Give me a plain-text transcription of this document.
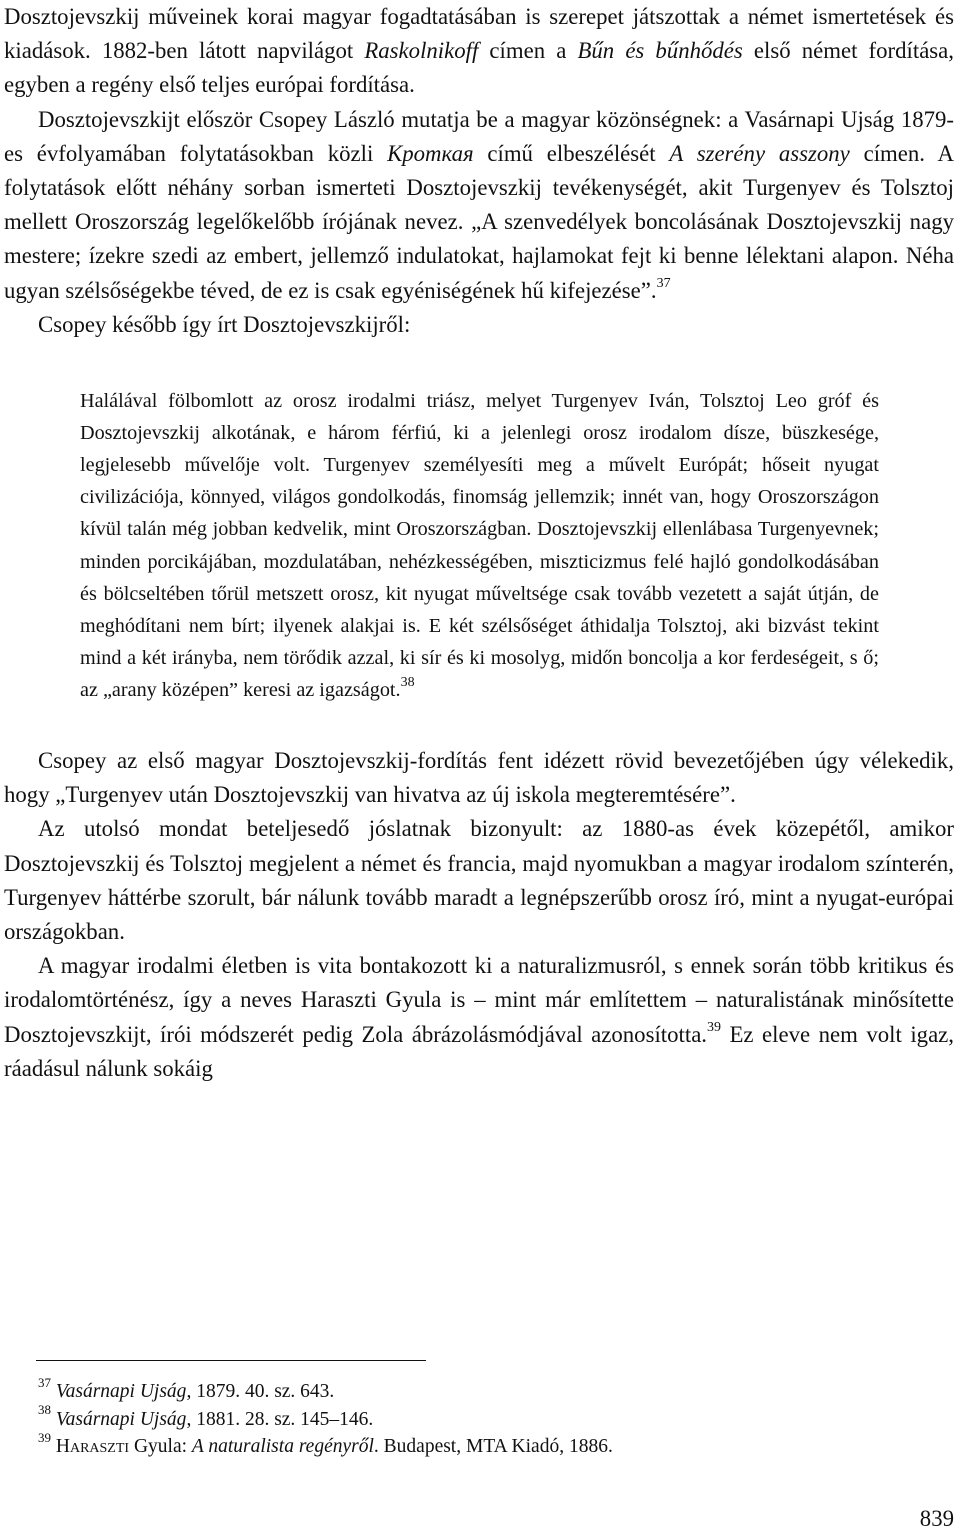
Dosztojevszkij műveinek korai magyar fogadtatásában is szerepet játszottak a német ismertetések és kiadások. 1882-ben látott napvilágot Raskolnikoff címen a Bűn és bűnhődés első német fordítása, egyben a regény első teljes európai fordítása.

Dosztojevszkijt először Csopey László mutatja be a magyar közönségnek: a Vasárnapi Ujság 1879-es évfolyamában folytatásokban közli Кроткая című elbeszélését A szerény asszony címen. A folytatások előtt néhány sorban ismerteti Dosztojevszkij tevékenységét, akit Turgenyev és Tolsztoj mellett Oroszország legelőkelőbb írójának nevez. „A szenvedélyek boncolásának Dosztojevszkij nagy mestere; ízekre szedi az embert, jellemző indulatokat, hajlamokat fejt ki benne lélektani alapon. Néha ugyan szélsőségekbe téved, de ez is csak egyéniségének hű kifejezése”.$^{37}$

Csopey később így írt Dosztojevszkijről:

Halálával fölbomlott az orosz irodalmi triász, melyet Turgenyev Iván, Tolsztoj Leo gróf és Dosztojevszkij alkotának, e három férfiú, ki a jelenlegi orosz irodalom dísze, büszkesége, legjelesebb művelője volt. Turgenyev személyesíti meg a művelt Európát; hőseit nyugat civilizációja, könnyed, világos gondolkodás, finomság jellemzik; innét van, hogy Oroszországon kívül talán még jobban kedvelik, mint Oroszországban. Dosztojevszkij ellenlábasa Turgenyevnek; minden porcikájában, mozdulatában, nehézkességében, miszticizmus felé hajló gondolkodásában és bölcseltében tőrül metszett orosz, kit nyugat műveltsége csak tovább vezetett a saját útján, de meghódítani nem bírt; ilyenek alakjai is. E két szélsőséget áthidalja Tolsztoj, aki bizvást tekint mind a két irányba, nem törődik azzal, ki sír és ki mosolyg, midőn boncolja a kor ferdeségeit, s ő; az „arany középen” keresi az igazságot.$^{38}$

Csopey az első magyar Dosztojevszkij-fordítás fent idézett rövid bevezetőjében úgy vélekedik, hogy „Turgenyev után Dosztojevszkij van hivatva az új iskola megteremtésére”.

Az utolsó mondat beteljesedő jóslatnak bizonyult: az 1880-as évek közepétől, amikor Dosztojevszkij és Tolsztoj megjelent a német és francia, majd nyomukban a magyar irodalom színterén, Turgenyev háttérbe szorult, bár nálunk tovább maradt a legnépszerűbb orosz író, mint a nyugat-európai országokban.

A magyar irodalmi életben is vita bontakozott ki a naturalizmusról, s ennek során több kritikus és irodalomtörténész, így a neves Haraszti Gyula is – mint már említettem – naturalistának minősítette Dosztojevszkijt, írói módszerét pedig Zola ábrázolásmódjával azonosította.$^{39}$ Ez eleve nem volt igaz, ráadásul nálunk sokáig

$^{37}$ Vasárnapi Ujság, 1879. 40. sz. 643.

$^{38}$ Vasárnapi Ujság, 1881. 28. sz. 145–146.

$^{39}$ Haraszti Gyula: A naturalista regényről. Budapest, MTA Kiadó, 1886.

839
